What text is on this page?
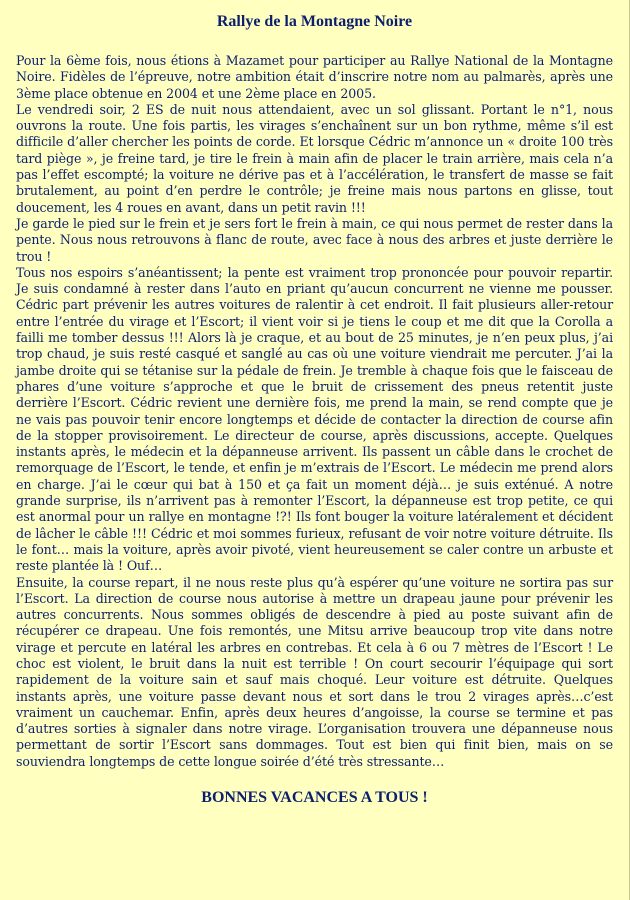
Rallye de la Montagne Noire

Pour la 6ème fois, nous étions à Mazamet pour participer au Rallye National de la Montagne Noire. Fidèles de l’épreuve, notre ambition était d’inscrire notre nom au palmarès, après une 3ème place obtenue en 2004 et une 2ème place en 2005.

Le vendredi soir, 2 ES de nuit nous attendaient, avec un sol glissant. Portant le n°1, nous ouvrons la route. Une fois partis, les virages s’enchaînent sur un bon rythme, même s’il est difficile d’aller chercher les points de corde. Et lorsque Cédric m’annonce un « droite 100 très tard piège », je freine tard, je tire le frein à main afin de placer le train arrière, mais cela n’a pas l’effet escompté; la voiture ne dérive pas et à l’accélération, le transfert de masse se fait brutalement, au point d’en perdre le contrôle; je freine mais nous partons en glisse, tout doucement, les 4 roues en avant, dans un petit ravin !!!

Je garde le pied sur le frein et je sers fort le frein à main, ce qui nous permet de rester dans la pente. Nous nous retrouvons à flanc de route, avec face à nous des arbres et juste derrière le trou !

Tous nos espoirs s’anéantissent; la pente est vraiment trop prononcée pour pouvoir repartir. Je suis condamné à rester dans l’auto en priant qu’aucun concurrent ne vienne me pousser. Cédric part prévenir les autres voitures de ralentir à cet endroit. Il fait plusieurs aller-retour entre l’entrée du virage et l’Escort; il vient voir si je tiens le coup et me dit que la Corolla a failli me tomber dessus !!! Alors là je craque, et au bout de 25 minutes, je n’en peux plus, j’ai trop chaud, je suis resté casqué et sanglé au cas où une voiture viendrait me percuter. J’ai la jambe droite qui se tétanise sur la pédale de frein. Je tremble à chaque fois que le faisceau de phares d’une voiture s’approche et que le bruit de crissement des pneus retentit juste derrière l’Escort. Cédric revient une dernière fois, me prend la main, se rend compte que je ne vais pas pouvoir tenir encore longtemps et décide de contacter la direction de course afin de la stopper provisoirement. Le directeur de course, après discussions, accepte. Quelques instants après, le médecin et la dépanneuse arrivent. Ils passent un câble dans le crochet de remorquage de l’Escort, le tende, et enfin je m’extrais de l’Escort. Le médecin me prend alors en charge. J’ai le cœur qui bat à 150 et ça fait un moment déjà… je suis exténué. A notre grande surprise, ils n’arrivent pas à remonter l’Escort, la dépanneuse est trop petite, ce qui est anormal pour un rallye en montagne !?! Ils font bouger la voiture latéralement et décident de lâcher le câble !!! Cédric et moi sommes furieux, refusant de voir notre voiture détruite. Ils le font… mais la voiture, après avoir pivoté, vient heureusement se caler contre un arbuste et reste plantée là ! Ouf…

Ensuite, la course repart, il ne nous reste plus qu’à espérer qu’une voiture ne sortira pas sur l’Escort. La direction de course nous autorise à mettre un drapeau jaune pour prévenir les autres concurrents. Nous sommes obligés de descendre à pied au poste suivant afin de récupérer ce drapeau. Une fois remontés, une Mitsu arrive beaucoup trop vite dans notre virage et percute en latéral les arbres en contrebas. Et cela à 6 ou 7 mètres de l’Escort ! Le choc est violent, le bruit dans la nuit est terrible ! On court secourir l’équipage qui sort rapidement de la voiture sain et sauf mais choqué. Leur voiture est détruite. Quelques instants après, une voiture passe devant nous et sort dans le trou 2 virages après…c’est vraiment un cauchemar. Enfin, après deux heures d’angoisse, la course se termine et pas d’autres sorties à signaler dans notre virage. L’organisation trouvera une dépanneuse nous permettant de sortir l’Escort sans dommages. Tout est bien qui finit bien, mais on se souviendra longtemps de cette longue soirée d’été très stressante…

BONNES VACANCES A TOUS !
